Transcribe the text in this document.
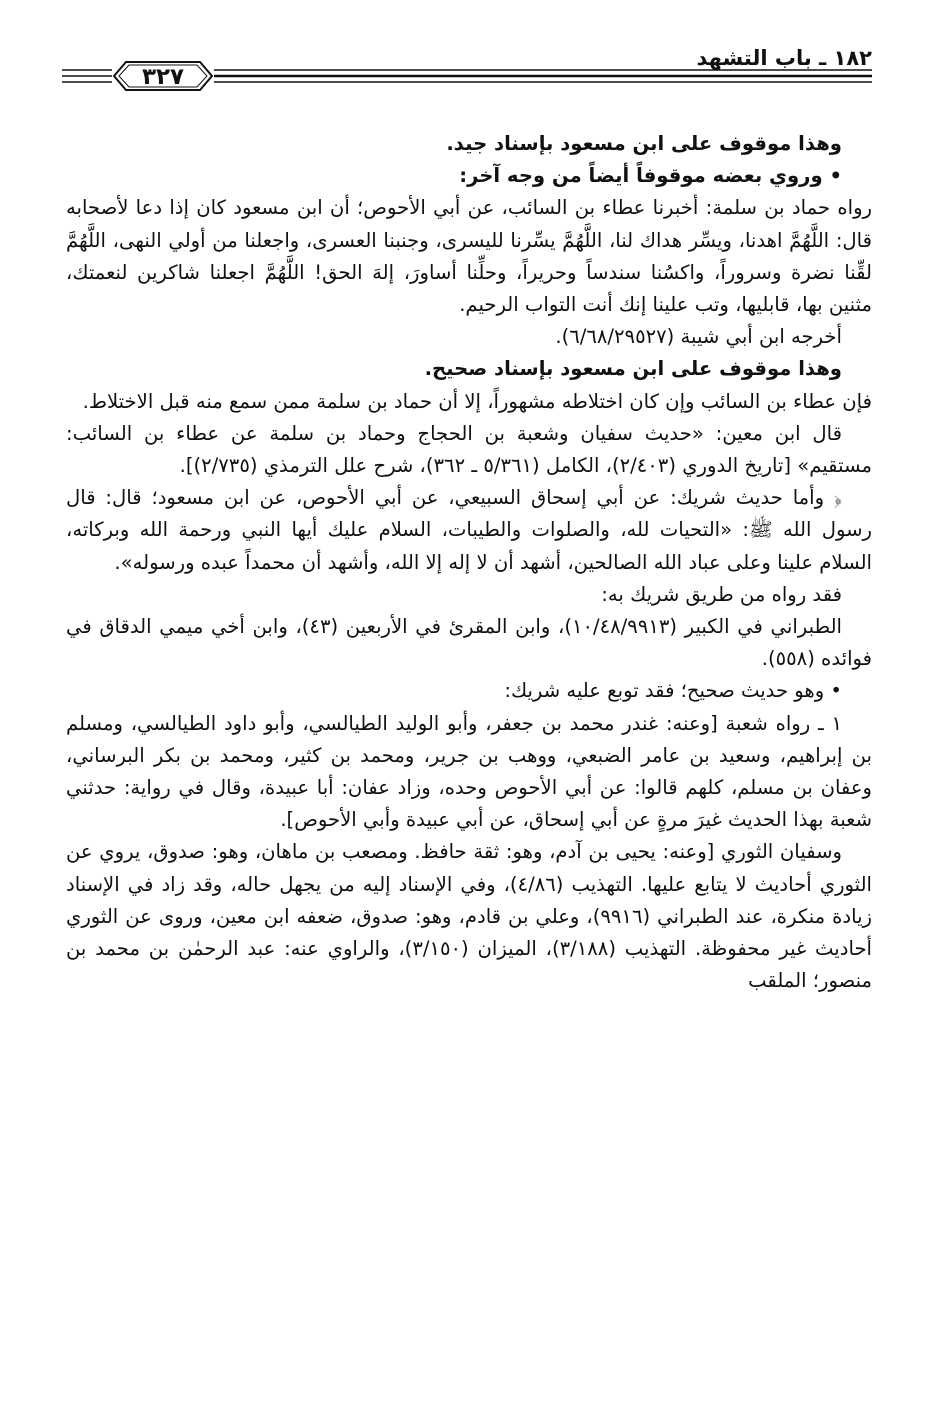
٣٢٧
١٨٢ ـ باب التشهد

وهذا موقوف على ابن مسعود بإسناد جيد.

• وروي بعضه موقوفاً أيضاً من وجه آخر:

رواه حماد بن سلمة: أخبرنا عطاء بن السائب، عن أبي الأحوص؛ أن ابن مسعود كان إذا دعا لأصحابه قال: اللَّهُمَّ اهدنا، ويسِّر هداك لنا، اللَّهُمَّ يسِّرنا لليسرى، وجنبنا العسرى، واجعلنا من أولي النهى، اللَّهُمَّ لقِّنا نضرة وسروراً، واكسُنا سندساً وحريراً، وحلِّنا أساورَ، إلهَ الحق! اللَّهُمَّ اجعلنا شاكرين لنعمتك، مثنين بها، قابليها، وتب علينا إنك أنت التواب الرحيم.

أخرجه ابن أبي شيبة (٦/٦٨/٢٩٥٢٧).

وهذا موقوف على ابن مسعود بإسناد صحيح.

فإن عطاء بن السائب وإن كان اختلاطه مشهوراً، إلا أن حماد بن سلمة ممن سمع منه قبل الاختلاط.

قال ابن معين: «حديث سفيان وشعبة بن الحجاج وحماد بن سلمة عن عطاء بن السائب: مستقيم» [تاريخ الدوري (٢/٤٠٣)، الكامل (٥/٣٦١ ـ ٣٦٢)، شرح علل الترمذي (٢/٧٣٥)].

﴿ وأما حديث شريك: عن أبي إسحاق السبيعي، عن أبي الأحوص، عن ابن مسعود؛ قال: قال رسول الله ﷺ: «التحيات لله، والصلوات والطيبات، السلام عليك أيها النبي ورحمة الله وبركاته، السلام علينا وعلى عباد الله الصالحين، أشهد أن لا إله إلا الله، وأشهد أن محمداً عبده ورسوله».

فقد رواه من طريق شريك به:

الطبراني في الكبير (١٠/٤٨/٩٩١٣)، وابن المقرئ في الأربعين (٤٣)، وابن أخي ميمي الدقاق في فوائده (٥٥٨).

• وهو حديث صحيح؛ فقد توبع عليه شريك:

١ ـ رواه شعبة [وعنه: غندر محمد بن جعفر، وأبو الوليد الطيالسي، وأبو داود الطيالسي، ومسلم بن إبراهيم، وسعيد بن عامر الضبعي، ووهب بن جرير، ومحمد بن كثير، ومحمد بن بكر البرساني، وعفان بن مسلم، كلهم قالوا: عن أبي الأحوص وحده، وزاد عفان: أبا عبيدة، وقال في رواية: حدثني شعبة بهذا الحديث غيرَ مرةٍ عن أبي إسحاق، عن أبي عبيدة وأبي الأحوص].

وسفيان الثوري [وعنه: يحيى بن آدم، وهو: ثقة حافظ. ومصعب بن ماهان، وهو: صدوق، يروي عن الثوري أحاديث لا يتابع عليها. التهذيب (٤/٨٦)، وفي الإسناد إليه من يجهل حاله، وقد زاد في الإسناد زيادة منكرة، عند الطبراني (٩٩١٦)، وعلي بن قادم، وهو: صدوق، ضعفه ابن معين، وروى عن الثوري أحاديث غير محفوظة. التهذيب (٣/١٨٨)، الميزان (٣/١٥٠)، والراوي عنه: عبد الرحمٰن بن محمد بن منصور؛ الملقب
